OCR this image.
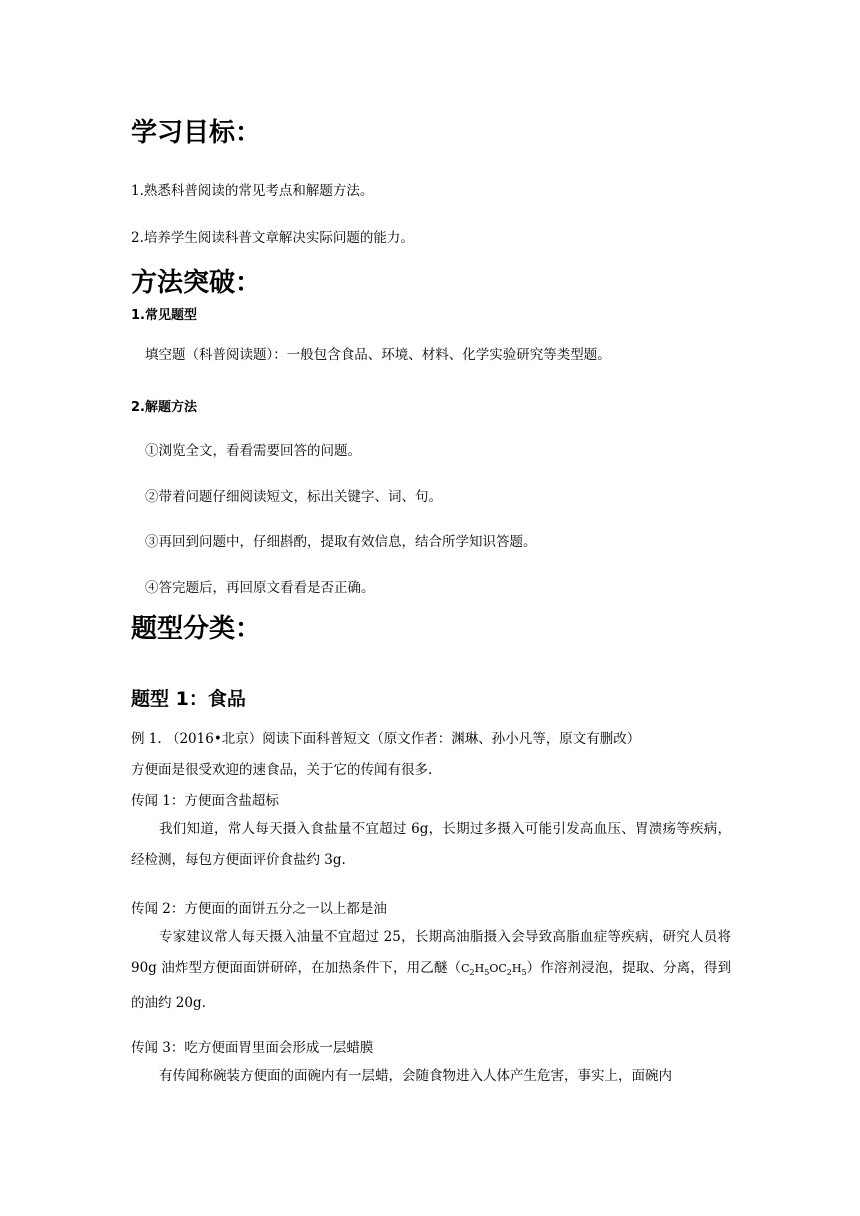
学习目标：

1.熟悉科普阅读的常见考点和解题方法。

2.培养学生阅读科普文章解决实际问题的能力。

方法突破：

1.常见题型

填空题（科普阅读题）：一般包含食品、环境、材料、化学实验研究等类型题。

2.解题方法

①浏览全文，看看需要回答的问题。

②带着问题仔细阅读短文，标出关键字、词、句。

③再回到问题中，仔细斟酌，提取有效信息，结合所学知识答题。

④答完题后，再回原文看看是否正确。

题型分类：
题型 1：食品

例 1. （2016•北京）阅读下面科普短文（原文作者：渊琳、孙小凡等，原文有删改）

方便面是很受欢迎的速食品，关于它的传闻有很多.

传闻 1：方便面含盐超标

我们知道，常人每天摄入食盐量不宜超过 6g，长期过多摄入可能引发高血压、胃溃疡等疾病，经检测，每包方便面评价食盐约 3g.

传闻 2：方便面的面饼五分之一以上都是油

专家建议常人每天摄入油量不宜超过 25，长期高油脂摄入会导致高脂血症等疾病，研究人员将 90g 油炸型方便面面饼研碎，在加热条件下，用乙醚$(C_2H_5OC_2H_5)$作溶剂浸泡，提取、分离，得到的油约 20g.

传闻 3：吃方便面胃里面会形成一层蜡膜

有传闻称碗装方便面的面碗内有一层蜡，会随食物进入人体产生危害，事实上，面碗内
